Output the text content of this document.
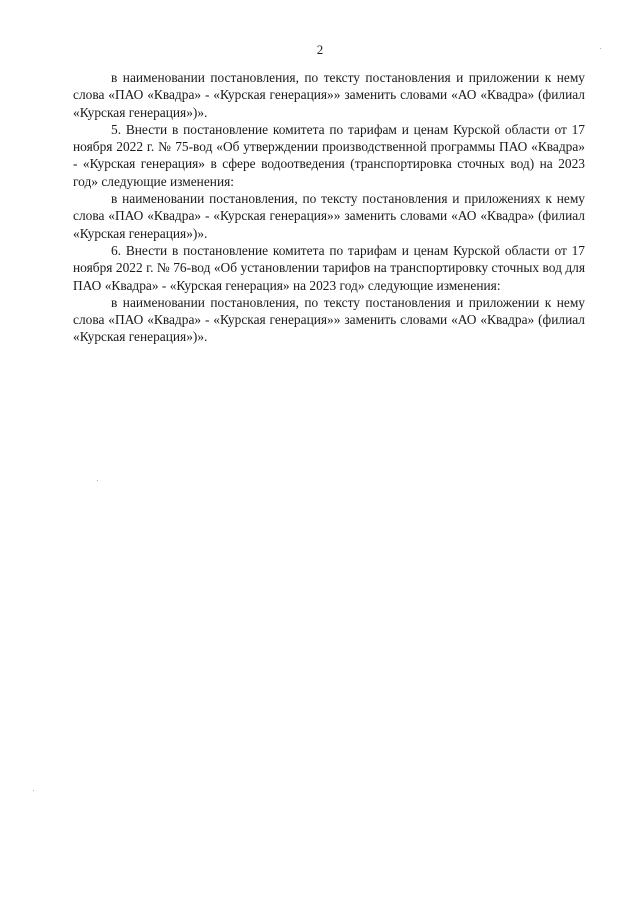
2

в наименовании постановления, по тексту постановления и приложении к нему слова «ПАО «Квадра» - «Курская генерация»» заменить словами «АО «Квадра» (филиал «Курская генерация»)».

5. Внести в постановление комитета по тарифам и ценам Курской области от 17 ноября 2022 г. № 75-вод «Об утверждении производственной программы ПАО «Квадра» - «Курская генерация» в сфере водоотведения (транспортировка сточных вод) на 2023 год» следующие изменения:

в наименовании постановления, по тексту постановления и приложениях к нему слова «ПАО «Квадра» - «Курская генерация»» заменить словами «АО «Квадра» (филиал «Курская генерация»)».

6. Внести в постановление комитета по тарифам и ценам Курской области от 17 ноября 2022 г. № 76-вод «Об установлении тарифов на транспортировку сточных вод для ПАО «Квадра» - «Курская генерация» на 2023 год» следующие изменения:

в наименовании постановления, по тексту постановления и приложении к нему слова «ПАО «Квадра» - «Курская генерация»» заменить словами «АО «Квадра» (филиал «Курская генерация»)».
